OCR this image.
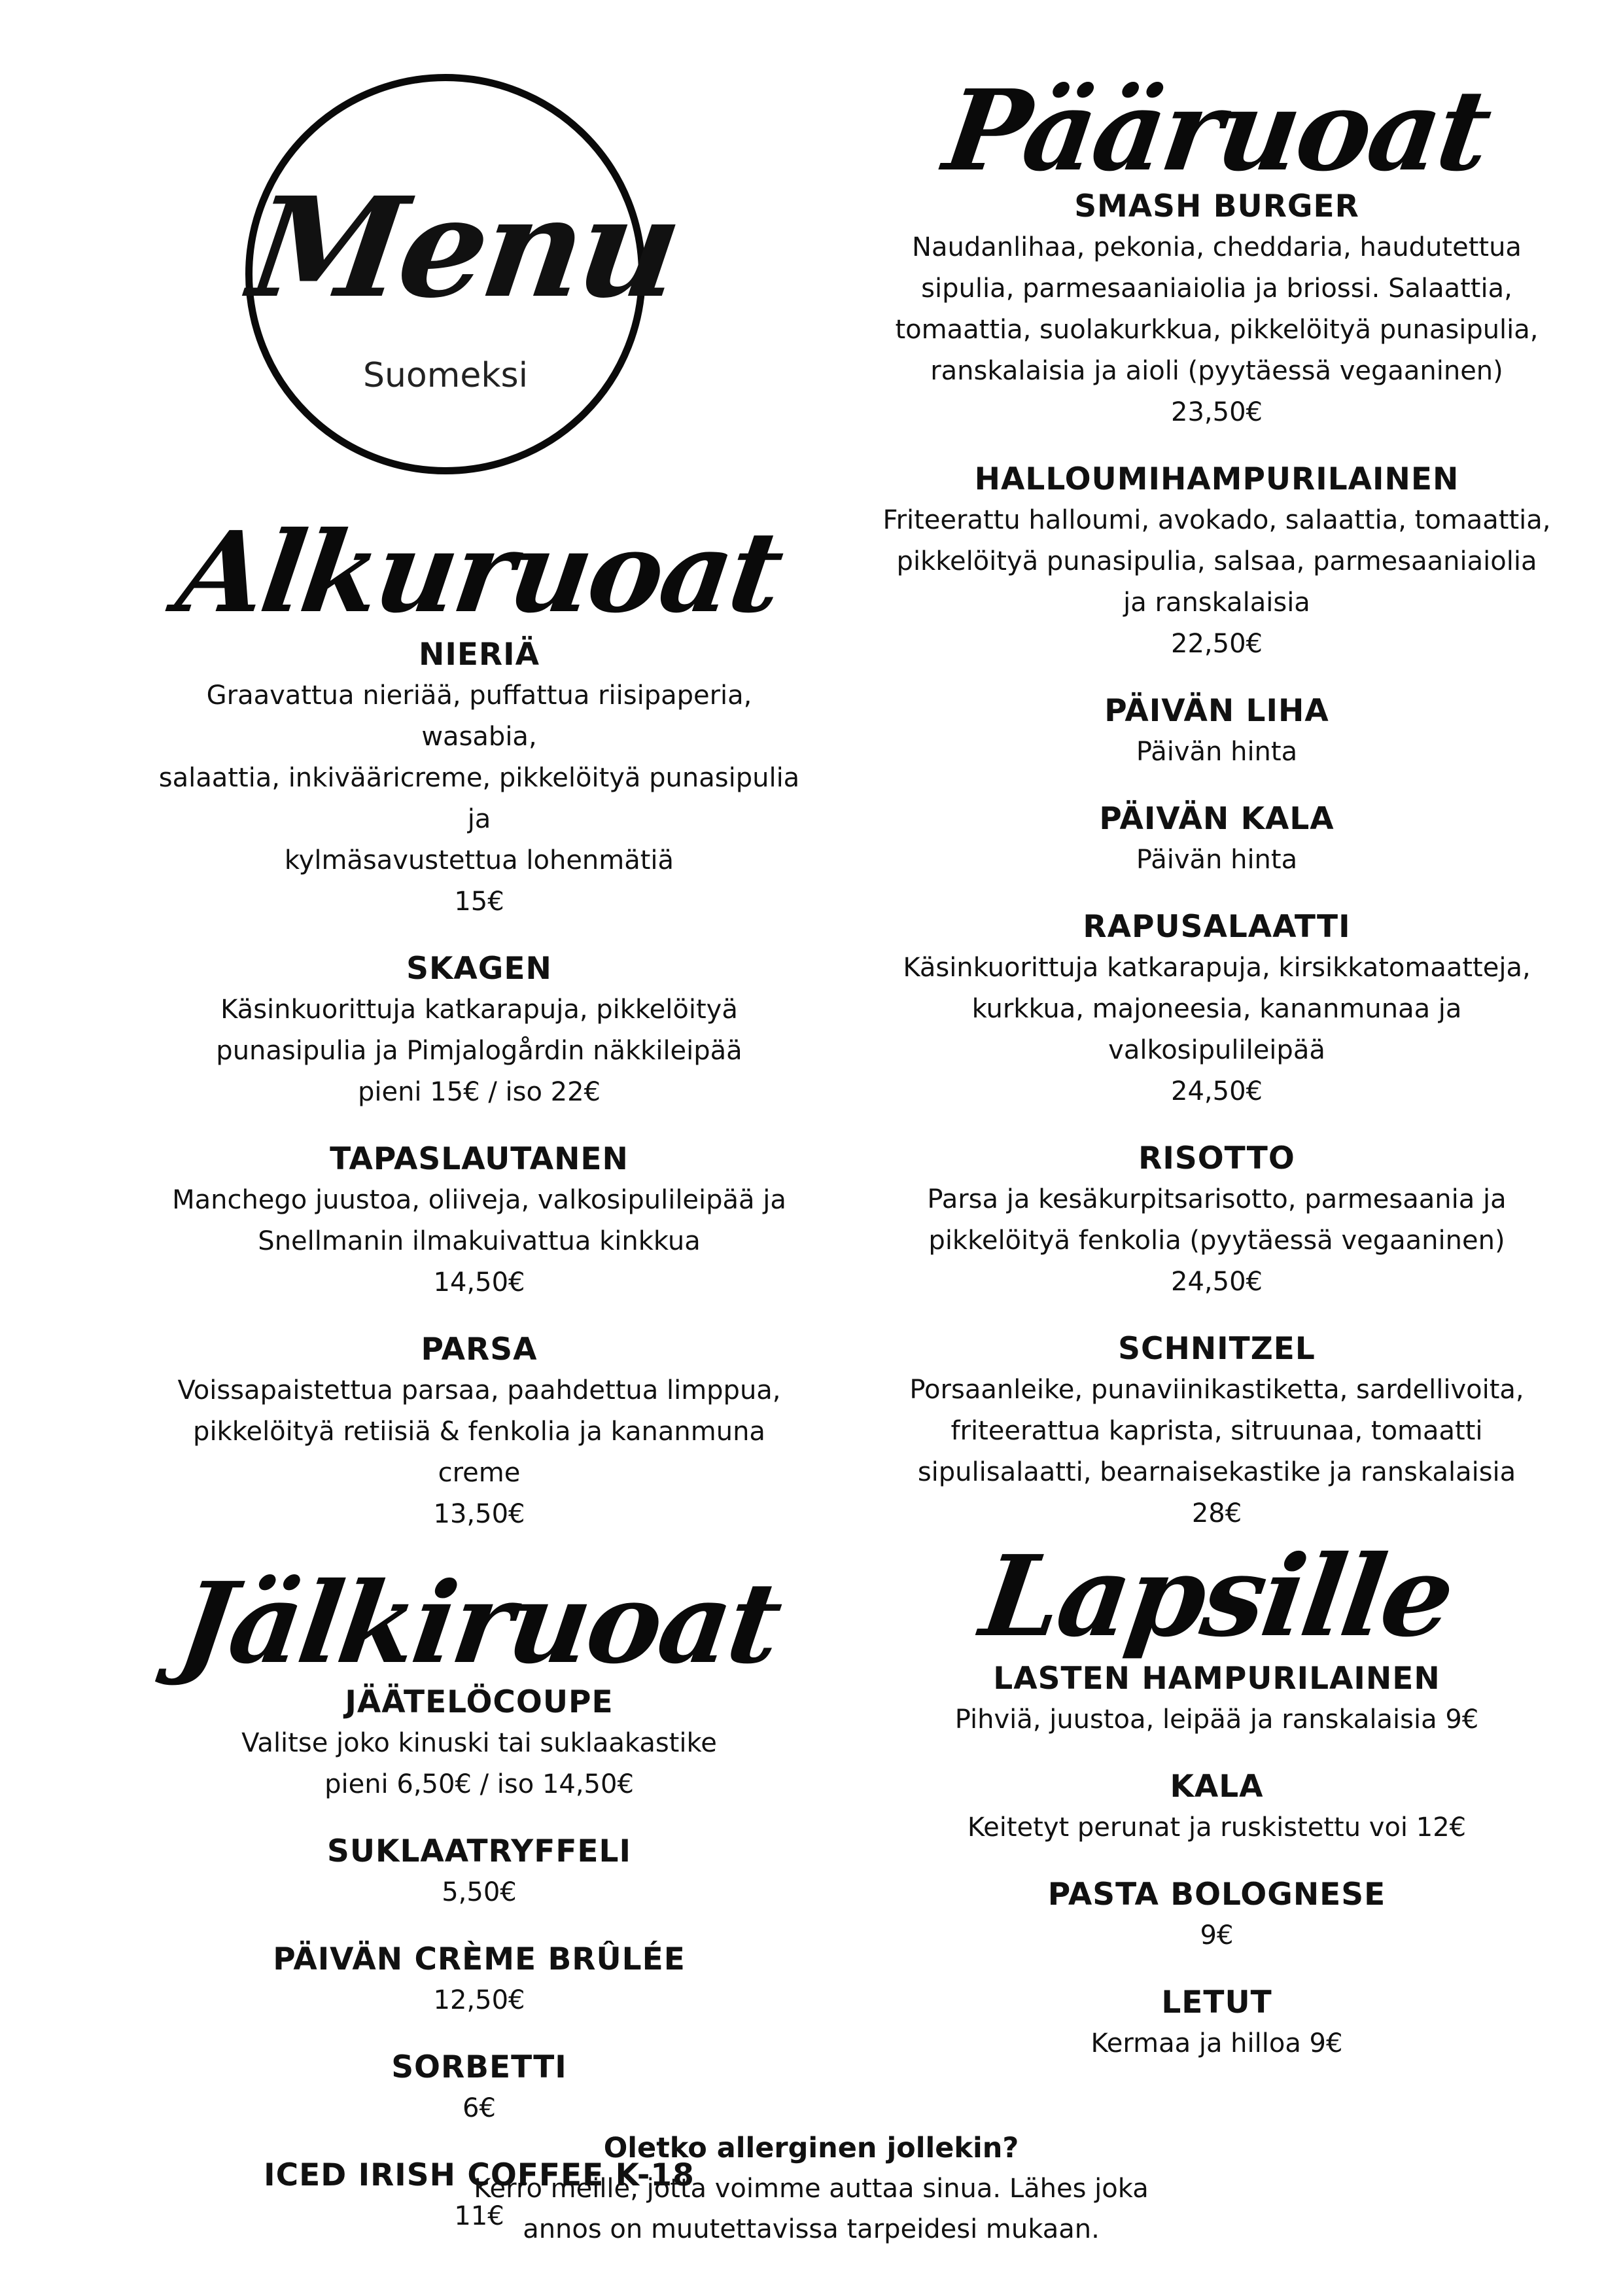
Menu
Suomeksi
Alkuruoat

NIERIÄ

Graavattua nieriää, puffattua riisipaperia, wasabia,

salaattia, inkivääricreme, pikkelöityä punasipulia ja

kylmäsavustettua lohenmätiä

15€

SKAGEN

Käsinkuorittuja katkarapuja, pikkelöityä

punasipulia ja Pimjalogårdin näkkileipää

pieni 15€ / iso 22€

TAPASLAUTANEN

Manchego juustoa, oliiveja, valkosipulileipää ja

Snellmanin ilmakuivattua kinkkua

14,50€

PARSA

Voissapaistettua parsaa, paahdettua limppua,

pikkelöityä retiisiä & fenkolia ja kananmuna creme

13,50€

Jälkiruoat

JÄÄTELÖCOUPE

Valitse joko kinuski tai suklaakastike

pieni 6,50€ / iso 14,50€

SUKLAATRYFFELI

5,50€

PÄIVÄN CRÈME BRÛLÉE

12,50€

SORBETTI

6€

ICED IRISH COFFEE K-18

11€

Pääruoat

SMASH BURGER

Naudanlihaa, pekonia, cheddaria, haudutettua

sipulia, parmesaaniaiolia ja briossi. Salaattia,

tomaattia, suolakurkkua, pikkelöityä punasipulia,

ranskalaisia ja aioli (pyytäessä vegaaninen)

23,50€

HALLOUMIHAMPURILAINEN

Friteerattu halloumi, avokado, salaattia, tomaattia,

pikkelöityä punasipulia, salsaa, parmesaaniaiolia

ja ranskalaisia

22,50€

PÄIVÄN LIHA

Päivän hinta

PÄIVÄN KALA

Päivän hinta

RAPUSALAATTI

Käsinkuorittuja katkarapuja, kirsikkatomaatteja,

kurkkua, majoneesia, kananmunaa ja

valkosipulileipää

24,50€

RISOTTO

Parsa ja kesäkurpitsarisotto, parmesaania ja

pikkelöityä fenkolia (pyytäessä vegaaninen)

24,50€

SCHNITZEL

Porsaanleike, punaviinikastiketta, sardellivoita,

friteerattua kaprista, sitruunaa, tomaatti

sipulisalaatti, bearnaisekastike ja ranskalaisia

28€

Lapsille

LASTEN HAMPURILAINEN

Pihviä, juustoa, leipää ja ranskalaisia 9€

KALA

Keitetyt perunat ja ruskistettu voi 12€

PASTA BOLOGNESE

9€

LETUT

Kermaa ja hilloa 9€

Oletko allerginen jollekin?

Kerro meille, jotta voimme auttaa sinua. Lähes joka

annos on muutettavissa tarpeidesi mukaan.
